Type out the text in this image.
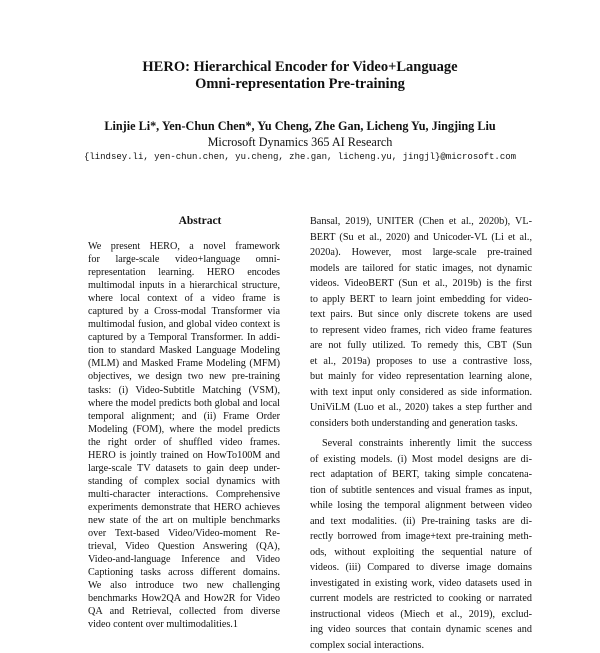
HERO: Hierarchical Encoder for Video+Language
Omni-representation Pre-training
Linjie Li*, Yen-Chun Chen*, Yu Cheng, Zhe Gan, Licheng Yu, Jingjing Liu
Microsoft Dynamics 365 AI Research
{lindsey.li, yen-chun.chen, yu.cheng, zhe.gan, licheng.yu, jingjl}@microsoft.com
Abstract
We present HERO, a novel framework
for large-scale video+language omni-
representation learning. HERO encodes
multimodal inputs in a hierarchical structure,
where local context of a video frame is
captured by a Cross-modal Transformer via
multimodal fusion, and global video context is
captured by a Temporal Transformer. In addi-
tion to standard Masked Language Modeling
(MLM) and Masked Frame Modeling (MFM)
objectives, we design two new pre-training
tasks: (i) Video-Subtitle Matching (VSM),
where the model predicts both global and local
temporal alignment; and (ii) Frame Order
Modeling (FOM), where the model predicts
the right order of shuffled video frames.
HERO is jointly trained on HowTo100M and
large-scale TV datasets to gain deep under-
standing of complex social dynamics with
multi-character interactions. Comprehensive
experiments demonstrate that HERO achieves
new state of the art on multiple benchmarks
over Text-based Video/Video-moment Re-
trieval, Video Question Answering (QA),
Video-and-language Inference and Video
Captioning tasks across different domains.
We also introduce two new challenging
benchmarks How2QA and How2R for Video
QA and Retrieval, collected from diverse
video content over multimodalities.1
Bansal, 2019), UNITER (Chen et al., 2020b), VL-
BERT (Su et al., 2020) and Unicoder-VL (Li et al.,
2020a). However, most large-scale pre-trained
models are tailored for static images, not dynamic
videos. VideoBERT (Sun et al., 2019b) is the first
to apply BERT to learn joint embedding for video-
text pairs. But since only discrete tokens are used
to represent video frames, rich video frame features
are not fully utilized. To remedy this, CBT (Sun
et al., 2019a) proposes to use a contrastive loss,
but mainly for video representation learning alone,
with text input only considered as side information.
UniViLM (Luo et al., 2020) takes a step further and
considers both understanding and generation tasks.
Several constraints inherently limit the success
of existing models. (i) Most model designs are di-
rect adaptation of BERT, taking simple concatena-
tion of subtitle sentences and visual frames as input,
while losing the temporal alignment between video
and text modalities. (ii) Pre-training tasks are di-
rectly borrowed from image+text pre-training meth-
ods, without exploiting the sequential nature of
videos. (iii) Compared to diverse image domains
investigated in existing work, video datasets used in
current models are restricted to cooking or narrated
instructional videos (Miech et al., 2019), exclud-
ing video sources that contain dynamic scenes and
complex social interactions.
